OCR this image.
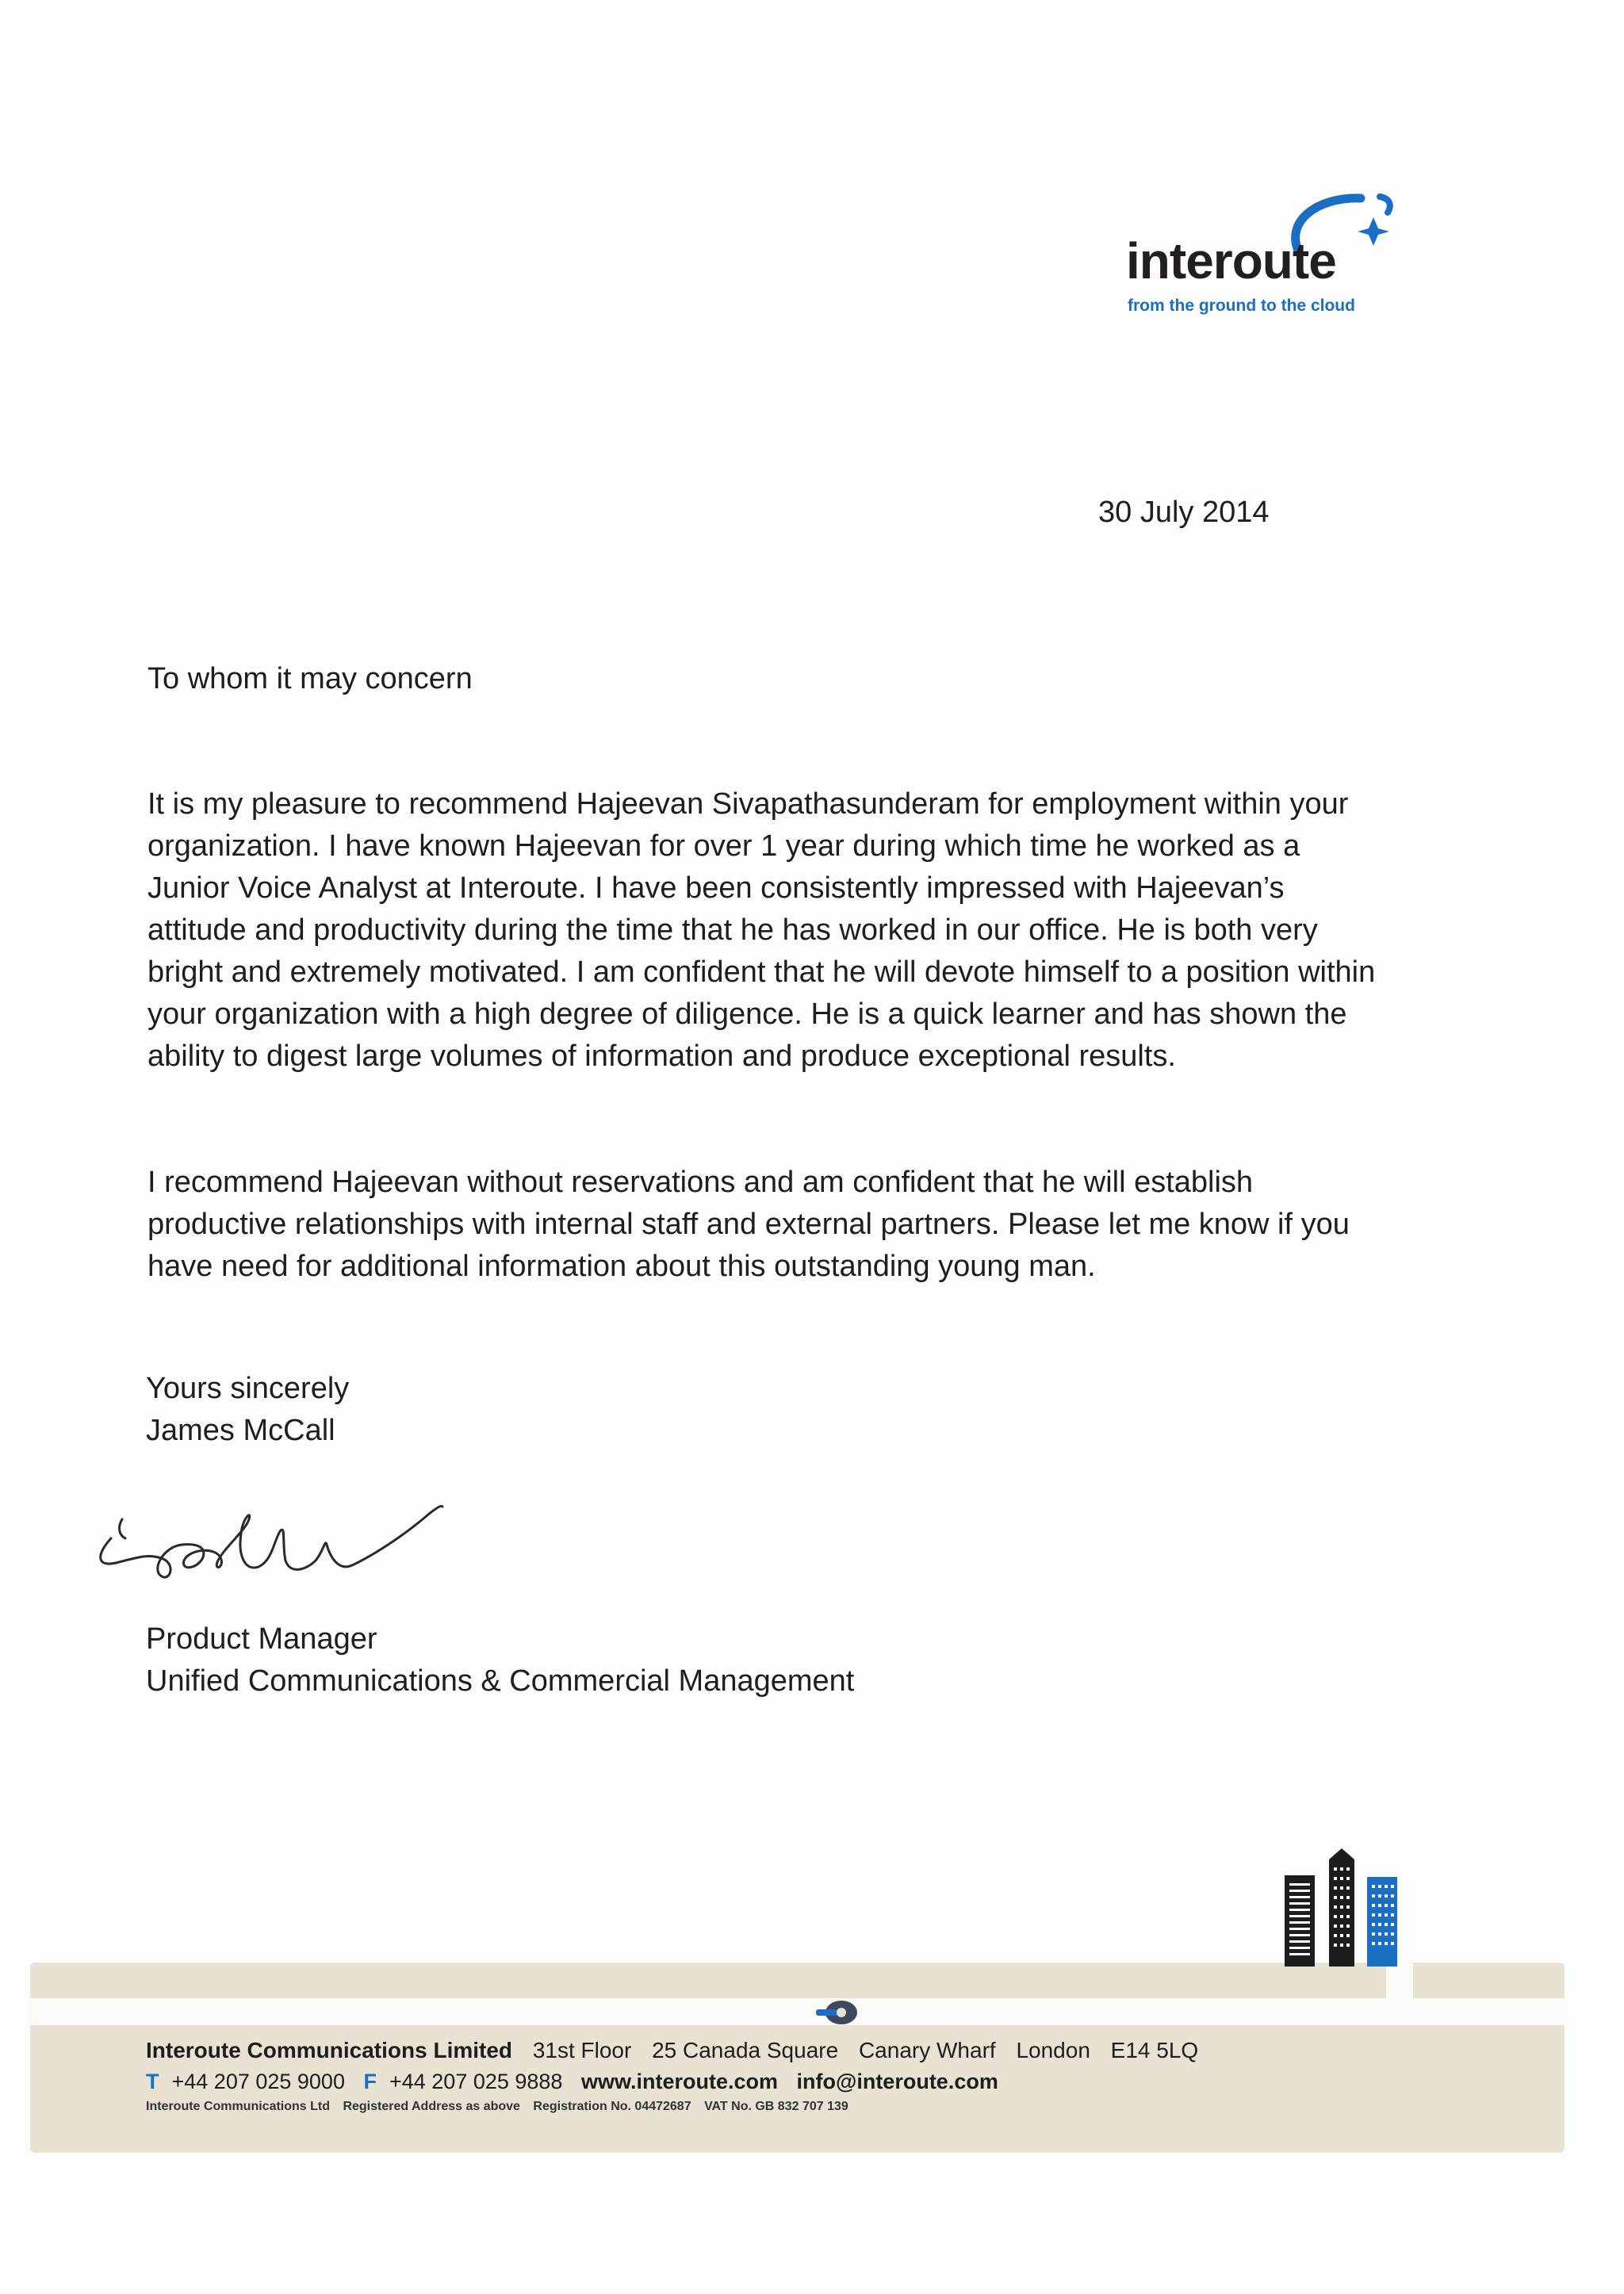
interoute
from the ground to the cloud
30 July 2014
To whom it may concern

It is my pleasure to recommend Hajeevan Sivapathasunderam for employment within your organization. I have known Hajeevan for over 1 year during which time he worked as a Junior Voice Analyst at Interoute. I have been consistently impressed with Hajeevan’s attitude and productivity during the time that he has worked in our office. He is both very bright and extremely motivated. I am confident that he will devote himself to a position within your organization with a high degree of diligence. He is a quick learner and has shown the ability to digest large volumes of information and produce exceptional results.

I recommend Hajeevan without reservations and am confident that he will establish productive relationships with internal staff and external partners. Please let me know if you have need for additional information about this outstanding young man.

Yours sincerely
James McCall
Product Manager
Unified Communications & Commercial Management
Interoute Communications Limited 31st Floor 25 Canada Square Canary Wharf London E14 5LQ
T +44 207 025 9000 F +44 207 025 9888 www.interoute.com info@interoute.com
Interoute Communications Ltd Registered Address as above Registration No. 04472687 VAT No. GB 832 707 139
